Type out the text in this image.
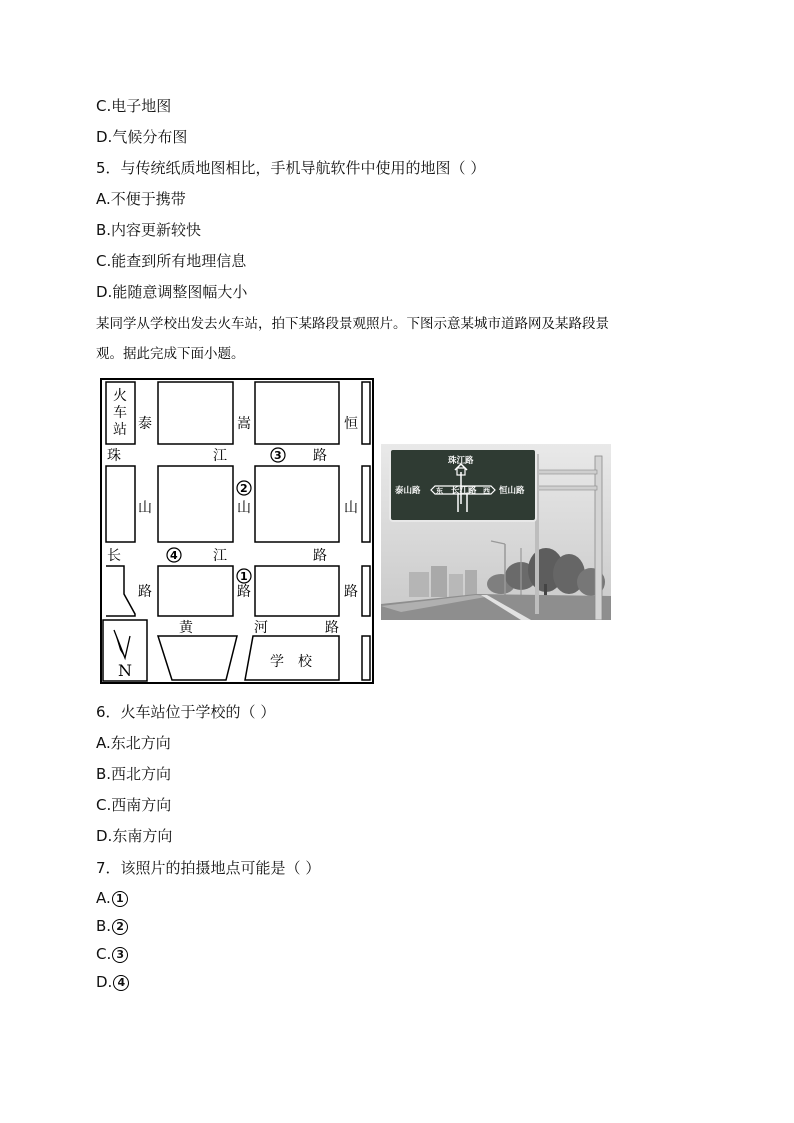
C.电子地图
D.气候分布图
5．与传统纸质地图相比，手机导航软件中使用的地图（ ）
A.不便于携带
B.内容更新较快
C.能查到所有地理信息
D.能随意调整图幅大小
某同学从学校出发去火车站，拍下某路段景观照片。下图示意某城市道路网及某路段景
观。据此完成下面小题。
火
车
站 泰	嵩	恒
珠	江	3 路
2
山	山	山
长	4	江	路
1
路	路	路
黄	河	路
学　校
N
珠江路
泰山路 东 长江路 西 恒山路
6．火车站位于学校的（ ）
A.东北方向
B.西北方向
C.西南方向
D.东南方向
7．该照片的拍摄地点可能是（ ）
A. 1
B. 2
C. 3
D. 4
